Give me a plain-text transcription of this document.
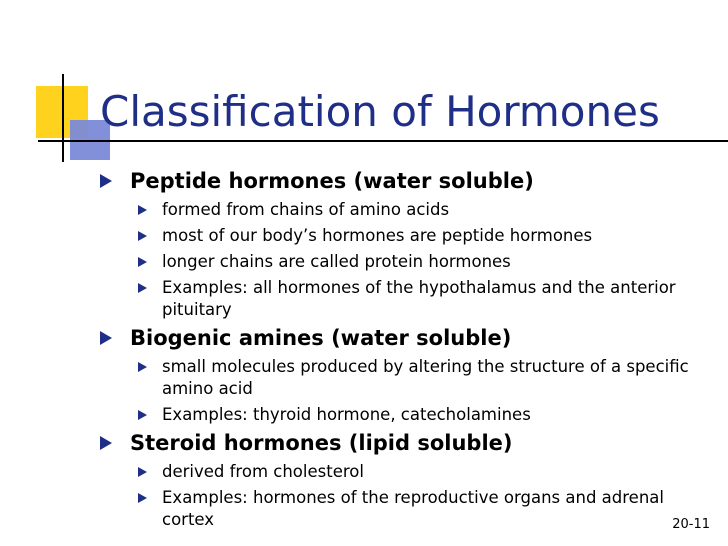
Classification of Hormones
Peptide hormones (water soluble)
formed from chains of amino acids
most of our body’s hormones are peptide hormones
longer chains are called protein hormones
Examples: all hormones of the hypothalamus and the anterior pituitary
Biogenic amines (water soluble)
small molecules produced by altering the structure of a specific amino acid
Examples: thyroid hormone, catecholamines
Steroid hormones (lipid soluble)
derived from cholesterol
Examples: hormones of the reproductive organs and adrenal cortex	20-11
